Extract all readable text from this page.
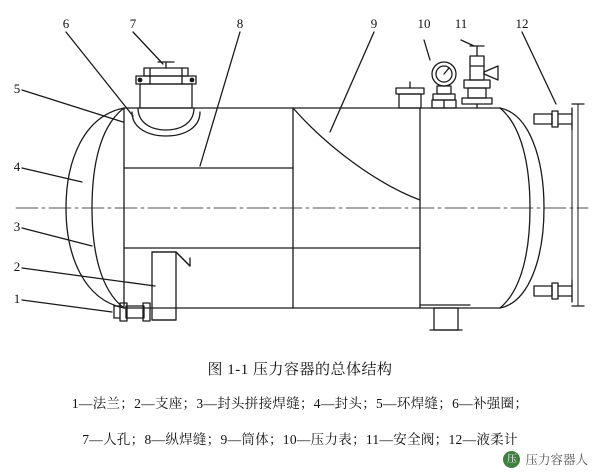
1
2
3
4
5
6	7	8	9	10 11	12
图 1-1 压力容器的总体结构
1—法兰；2—支座；3—封头拼接焊缝；4—封头；5—环焊缝；6—补强圈；
7—人孔；8—纵焊缝；9—筒体；10—压力表；11—安全阀；12—液柔计
压 压力容器人
